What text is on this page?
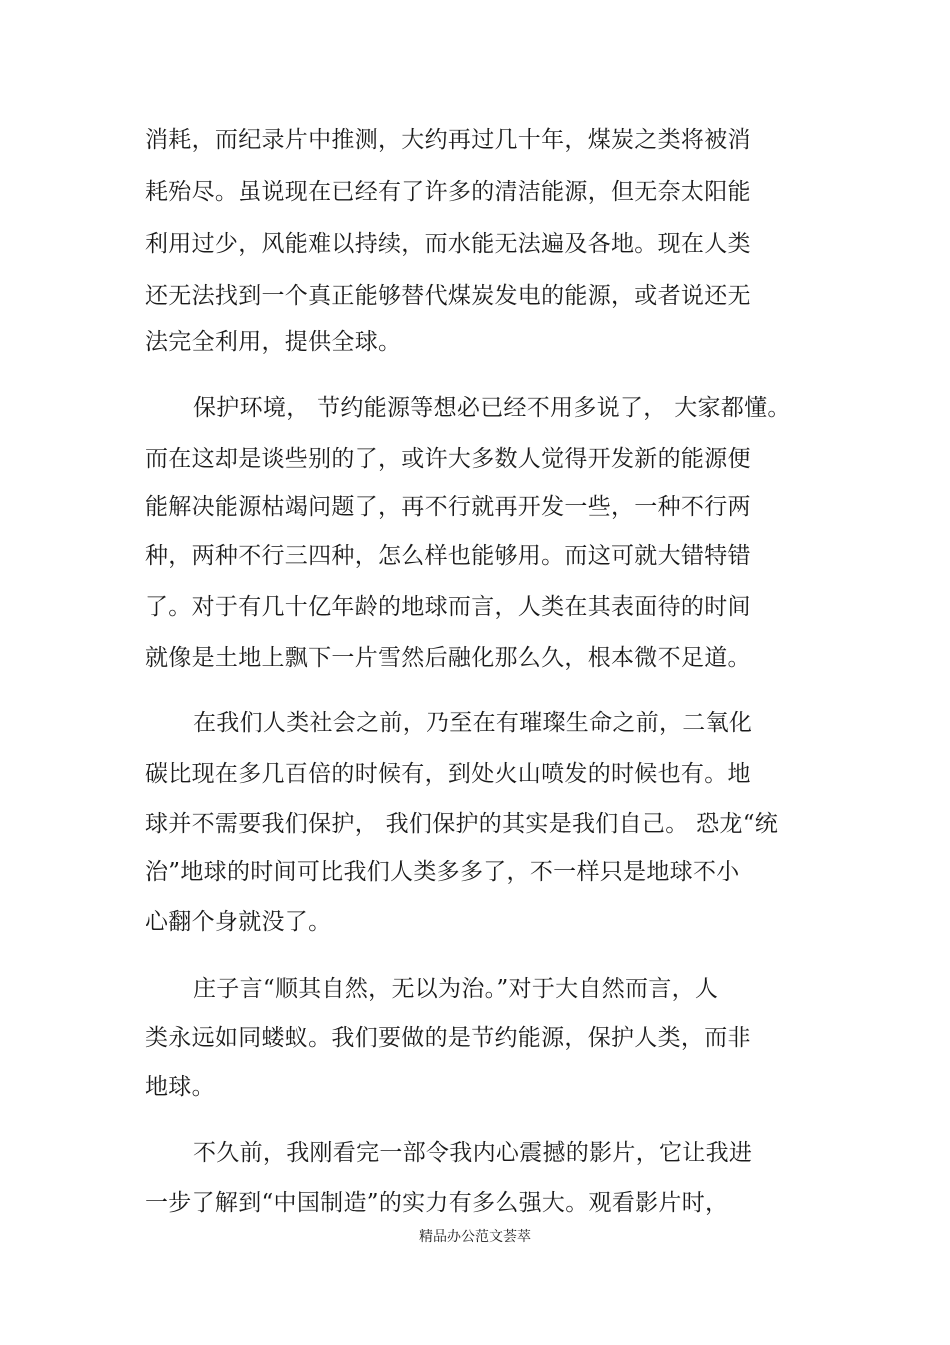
消耗，而纪录片中推测，大约再过几十年，煤炭之类将被消
耗殆尽。虽说现在已经有了许多的清洁能源，但无奈太阳能
利用过少，风能难以持续，而水能无法遍及各地。现在人类
还无法找到一个真正能够替代煤炭发电的能源，或者说还无
法完全利用，提供全球。
保护环境， 节约能源等想必已经不用多说了， 大家都懂。
而在这却是谈些别的了，或许大多数人觉得开发新的能源便
能解决能源枯竭问题了，再不行就再开发一些，一种不行两
种，两种不行三四种，怎么样也能够用。而这可就大错特错
了。对于有几十亿年龄的地球而言，人类在其表面待的时间
就像是土地上飘下一片雪然后融化那么久，根本微不足道。
在我们人类社会之前，乃至在有璀璨生命之前，二氧化
碳比现在多几百倍的时候有，到处火山喷发的时候也有。地
球并不需要我们保护， 我们保护的其实是我们自己。 恐龙“统
治”地球的时间可比我们人类多多了，不一样只是地球不小
心翻个身就没了。
庄子言“顺其自然，无以为治。”对于大自然而言，人
类永远如同蝼蚁。我们要做的是节约能源，保护人类，而非
地球。
不久前，我刚看完一部令我内心震撼的影片，它让我进
一步了解到“中国制造”的实力有多么强大。观看影片时，
精品办公范文荟萃
